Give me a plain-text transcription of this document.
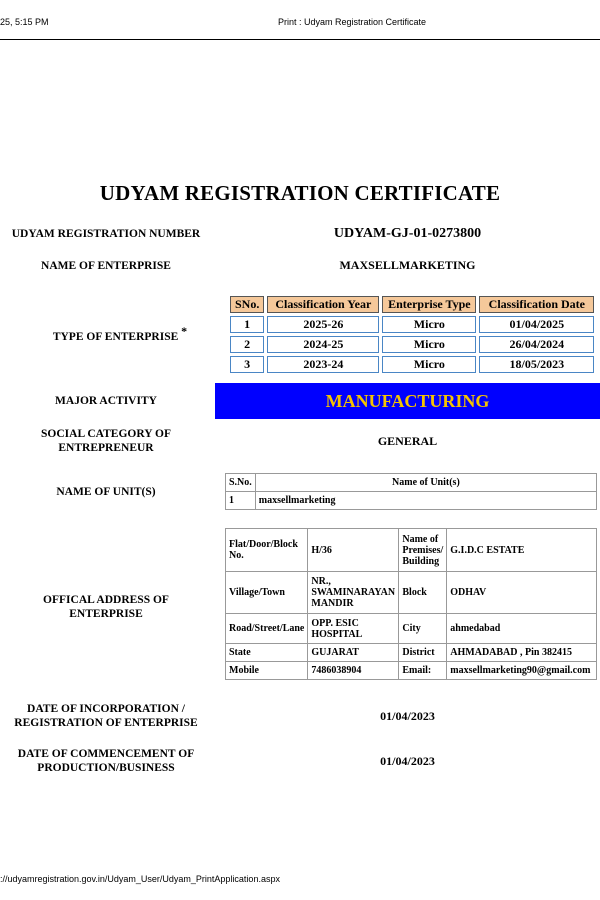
25, 5:15 PM	Print : Udyam Registration Certificate
UDYAM REGISTRATION CERTIFICATE
UDYAM REGISTRATION NUMBER	UDYAM-GJ-01-0273800
NAME OF ENTERPRISE	MAXSELLMARKETING
TYPE OF ENTERPRISE *
SNo.	Classification Year	Enterprise Type	Classification Date
1	2025-26	Micro	01/04/2025
2	2024-25	Micro	26/04/2024
3	2023-24	Micro	18/05/2023
MAJOR ACTIVITY	MANUFACTURING
SOCIAL CATEGORY OF
ENTREPRENEUR	GENERAL
NAME OF UNIT(S)
S.No.	Name of Unit(s)
1	maxsellmarketing
OFFICAL ADDRESS OF
ENTERPRISE
Flat/Door/Block No.	H/36	Name of Premises/ Building	G.I.D.C ESTATE
Village/Town	NR., SWAMINARAYAN MANDIR	Block	ODHAV
Road/Street/Lane	OPP. ESIC HOSPITAL	City	ahmedabad
State	GUJARAT	District	AHMADABAD , Pin 382415
Mobile	7486038904	Email:	maxsellmarketing90@gmail.com
DATE OF INCORPORATION /
REGISTRATION OF ENTERPRISE	01/04/2023
DATE OF COMMENCEMENT OF
PRODUCTION/BUSINESS	01/04/2023
://udyamregistration.gov.in/Udyam_User/Udyam_PrintApplication.aspx
